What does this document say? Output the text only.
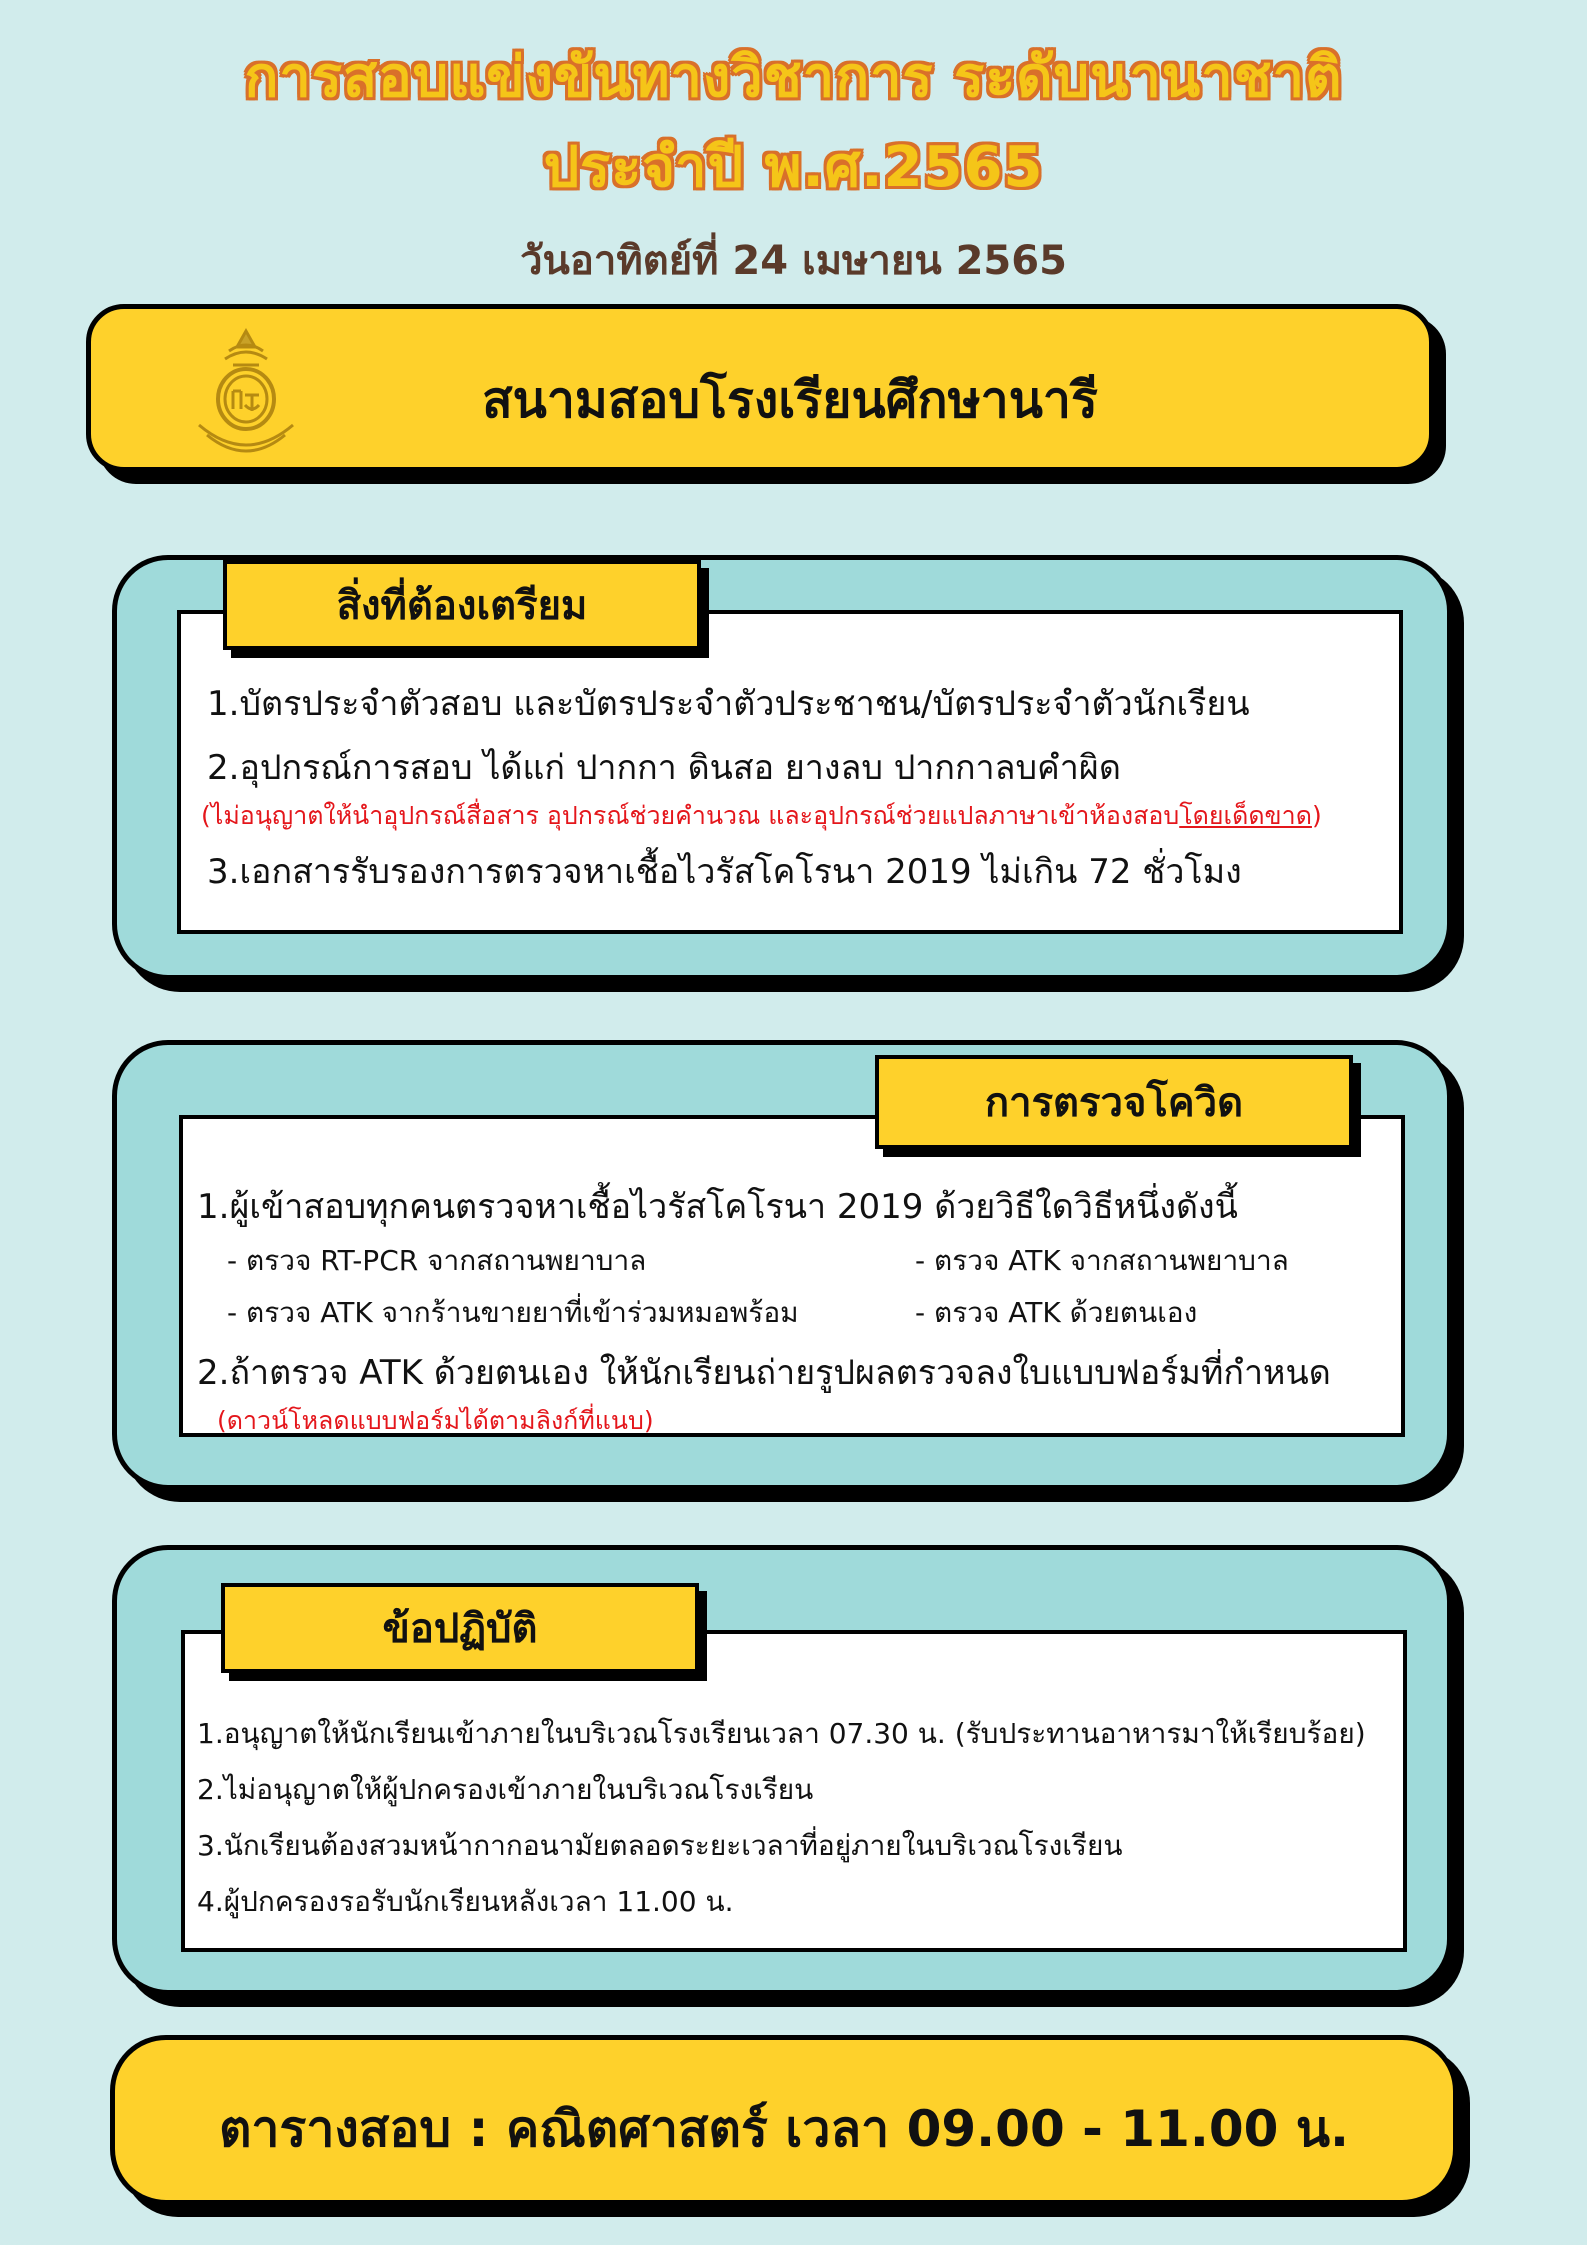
การสอบแข่งขันทางวิชาการ ระดับนานาชาติ
ประจำปี พ.ศ.2565
วันอาทิตย์ที่ 24 เมษายน 2565
สนามสอบโรงเรียนศึกษานารี
1.บัตรประจำตัวสอบ และบัตรประจำตัวประชาชน/บัตรประจำตัวนักเรียน
2.อุปกรณ์การสอบ ได้แก่ ปากกา ดินสอ ยางลบ ปากกาลบคำผิด
(ไม่อนุญาตให้นำอุปกรณ์สื่อสาร อุปกรณ์ช่วยคำนวณ และอุปกรณ์ช่วยแปลภาษาเข้าห้องสอบโดยเด็ดขาด)
3.เอกสารรับรองการตรวจหาเชื้อไวรัสโคโรนา 2019 ไม่เกิน 72 ชั่วโมง
สิ่งที่ต้องเตรียม
1.ผู้เข้าสอบทุกคนตรวจหาเชื้อไวรัสโคโรนา 2019 ด้วยวิธีใดวิธีหนึ่งดังนี้
- ตรวจ RT-PCR จากสถานพยาบาล	- ตรวจ ATK จากสถานพยาบาล
- ตรวจ ATK จากร้านขายยาที่เข้าร่วมหมอพร้อม	- ตรวจ ATK ด้วยตนเอง
2.ถ้าตรวจ ATK ด้วยตนเอง ให้นักเรียนถ่ายรูปผลตรวจลงใบแบบฟอร์มที่กำหนด
(ดาวน์โหลดแบบฟอร์มได้ตามลิงก์ที่แนบ)
การตรวจโควิด
1.อนุญาตให้นักเรียนเข้าภายในบริเวณโรงเรียนเวลา 07.30 น. (รับประทานอาหารมาให้เรียบร้อย)
2.ไม่อนุญาตให้ผู้ปกครองเข้าภายในบริเวณโรงเรียน
3.นักเรียนต้องสวมหน้ากากอนามัยตลอดระยะเวลาที่อยู่ภายในบริเวณโรงเรียน
4.ผู้ปกครองรอรับนักเรียนหลังเวลา 11.00 น.
ข้อปฏิบัติ
ตารางสอบ : คณิตศาสตร์ เวลา 09.00 - 11.00 น.
